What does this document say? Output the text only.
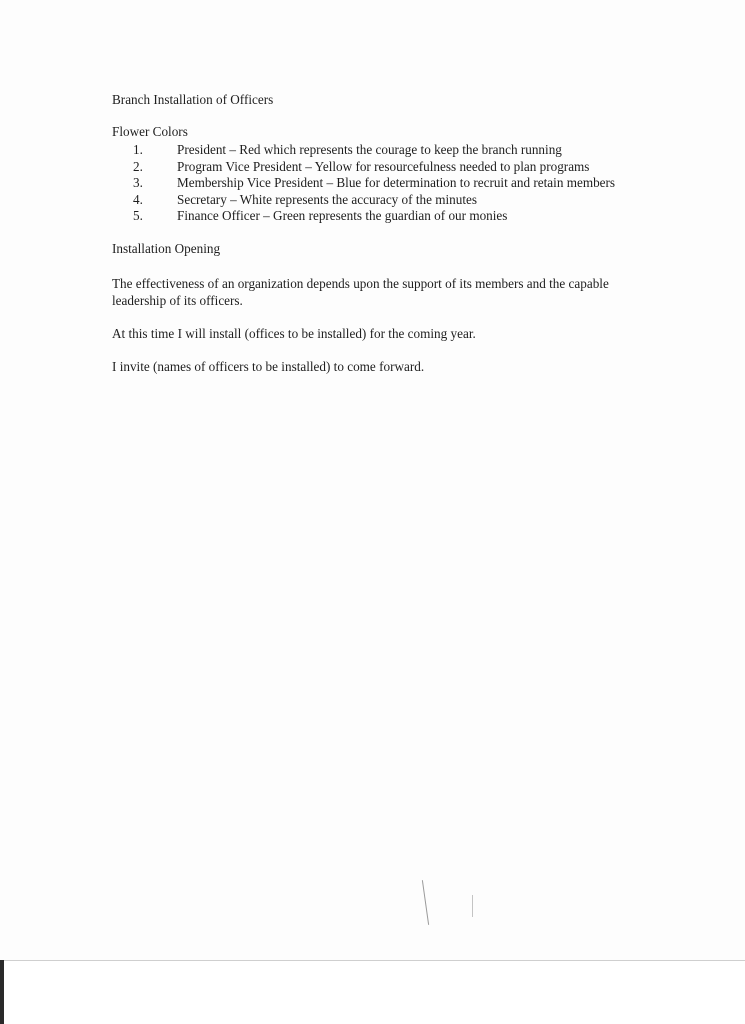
Branch Installation of Officers

Flower Colors

1.	President – Red which represents the courage to keep the branch running
2.	Program Vice President – Yellow for resourcefulness needed to plan programs
3.	Membership Vice President – Blue for determination to recruit and retain members
4.	Secretary – White represents the accuracy of the minutes
5.	Finance Officer – Green represents the guardian of our monies

Installation Opening

The effectiveness of an organization depends upon the support of its members and the capable leadership of its officers.

At this time I will install (offices to be installed) for the coming year.

I invite (names of officers to be installed) to come forward.
